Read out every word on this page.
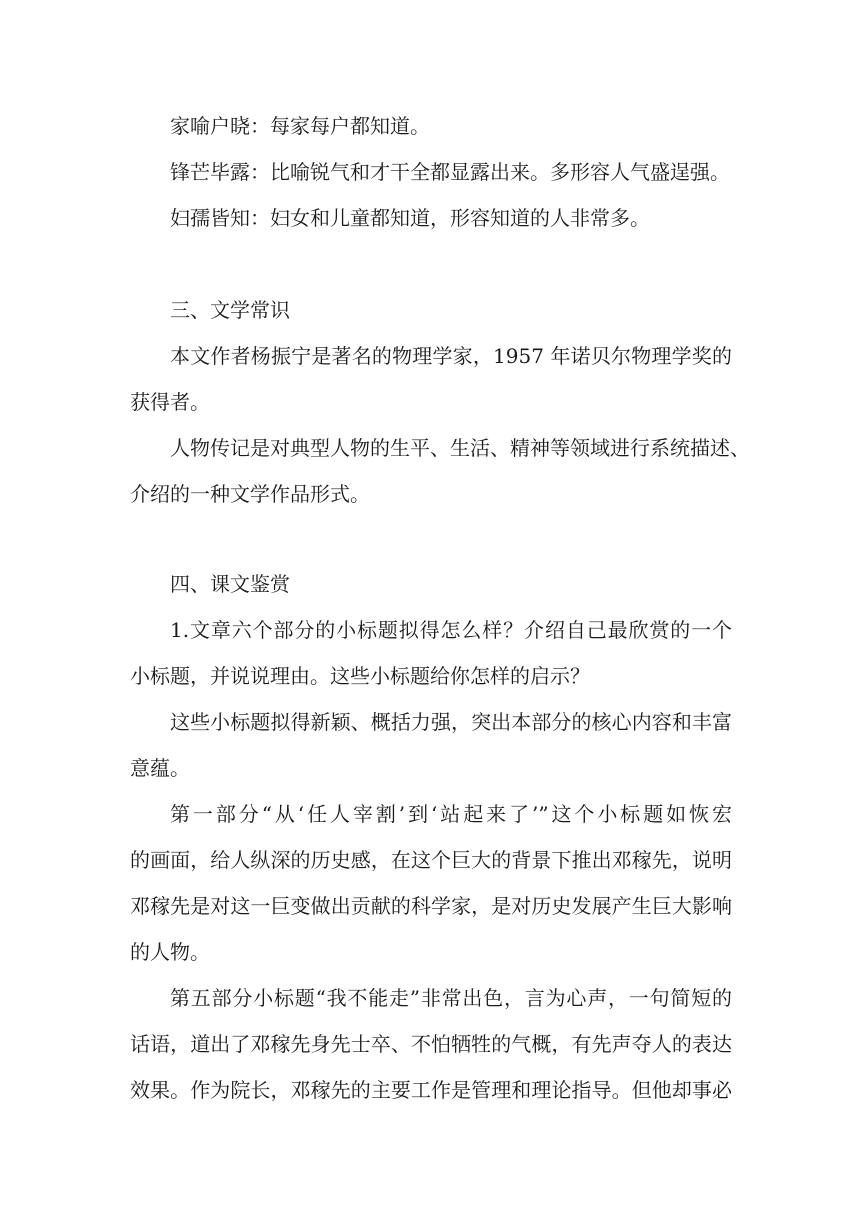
家喻户晓：每家每户都知道。
锋芒毕露：比喻锐气和才干全都显露出来。多形容人气盛逞强。
妇孺皆知：妇女和儿童都知道，形容知道的人非常多。
三、文学常识
本文作者杨振宁是著名的物理学家，1957 年诺贝尔物理学奖的
获得者。
人物传记是对典型人物的生平、生活、精神等领域进行系统描述、
介绍的一种文学作品形式。
四、课文鉴赏
1.文章六个部分的小标题拟得怎么样？介绍自己最欣赏的一个
小标题，并说说理由。这些小标题给你怎样的启示？
这些小标题拟得新颖、概括力强，突出本部分的核心内容和丰富
意蕴。
第一部分“从‘任人宰割’到‘站起来了’”这个小标题如恢宏
的画面，给人纵深的历史感，在这个巨大的背景下推出邓稼先，说明
邓稼先是对这一巨变做出贡献的科学家，是对历史发展产生巨大影响
的人物。
第五部分小标题“我不能走”非常出色，言为心声，一句简短的
话语，道出了邓稼先身先士卒、不怕牺牲的气概，有先声夺人的表达
效果。作为院长，邓稼先的主要工作是管理和理论指导。但他却事必
